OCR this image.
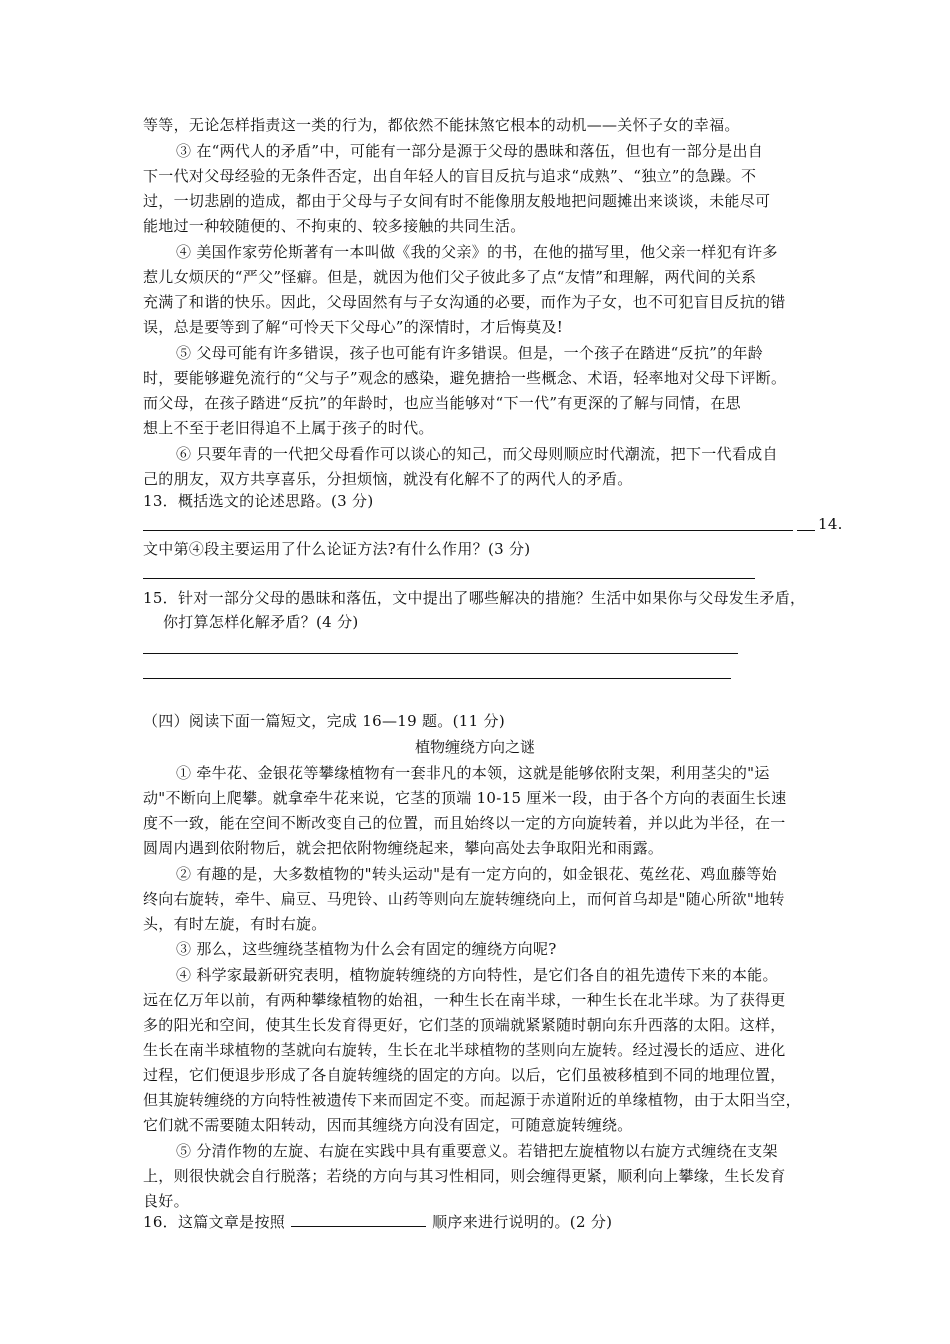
等等，无论怎样指责这一类的行为，都依然不能抹煞它根本的动机——关怀子女的幸福。
③ 在“两代人的矛盾”中，可能有一部分是源于父母的愚昧和落伍，但也有一部分是出自
下一代对父母经验的无条件否定，出自年轻人的盲目反抗与追求“成熟”、“独立”的急躁。不
过，一切悲剧的造成，都由于父母与子女间有时不能像朋友般地把问题摊出来谈谈，未能尽可
能地过一种较随便的、不拘束的、较多接触的共同生活。
④ 美国作家劳伦斯著有一本叫做《我的父亲》的书，在他的描写里，他父亲一样犯有许多
惹儿女烦厌的“严父”怪癖。但是，就因为他们父子彼此多了点“友情”和理解，两代间的关系
充满了和谐的快乐。因此，父母固然有与子女沟通的必要，而作为子女，也不可犯盲目反抗的错
误，总是要等到了解“可怜天下父母心”的深情时，才后悔莫及!
⑤ 父母可能有许多错误，孩子也可能有许多错误。但是，一个孩子在踏进“反抗”的年龄
时，要能够避免流行的“父与子”观念的感染，避免搪拾一些概念、术语，轻率地对父母下评断。
而父母，在孩子踏进“反抗”的年龄时，也应当能够对“下一代”有更深的了解与同情，在思
想上不至于老旧得追不上属于孩子的时代。
⑥ 只要年青的一代把父母看作可以谈心的知己，而父母则顺应时代潮流，把下一代看成自
己的朋友，双方共享喜乐，分担烦恼，就没有化解不了的两代人的矛盾。
13．概括选文的论述思路。(3 分)
14.
文中第④段主要运用了什么论证方法?有什么作用？(3 分)
15．针对一部分父母的愚昧和落伍，文中提出了哪些解决的措施？生活中如果你与父母发生矛盾，
你打算怎样化解矛盾？(4 分)
（四）阅读下面一篇短文，完成 16—19 题。(11 分)
植物缠绕方向之谜
① 牵牛花、金银花等攀缘植物有一套非凡的本领，这就是能够依附支架，利用茎尖的"运
动"不断向上爬攀。就拿牵牛花来说，它茎的顶端 10-15 厘米一段，由于各个方向的表面生长速
度不一致，能在空间不断改变自己的位置，而且始终以一定的方向旋转着，并以此为半径，在一
圆周内遇到依附物后，就会把依附物缠绕起来，攀向高处去争取阳光和雨露。
② 有趣的是，大多数植物的"转头运动"是有一定方向的，如金银花、菟丝花、鸡血藤等始
终向右旋转，牵牛、扁豆、马兜铃、山药等则向左旋转缠绕向上，而何首乌却是"随心所欲"地转
头，有时左旋，有时右旋。
③ 那么，这些缠绕茎植物为什么会有固定的缠绕方向呢?
④ 科学家最新研究表明，植物旋转缠绕的方向特性，是它们各自的祖先遗传下来的本能。
远在亿万年以前，有两种攀缘植物的始祖，一种生长在南半球，一种生长在北半球。为了获得更
多的阳光和空间，使其生长发育得更好，它们茎的顶端就紧紧随时朝向东升西落的太阳。这样，
生长在南半球植物的茎就向右旋转，生长在北半球植物的茎则向左旋转。经过漫长的适应、进化
过程，它们便退步形成了各自旋转缠绕的固定的方向。以后，它们虽被移植到不同的地理位置，
但其旋转缠绕的方向特性被遗传下来而固定不变。而起源于赤道附近的单缘植物，由于太阳当空，
它们就不需要随太阳转动，因而其缠绕方向没有固定，可随意旋转缠绕。
⑤ 分清作物的左旋、右旋在实践中具有重要意义。若错把左旋植物以右旋方式缠绕在支架
上，则很快就会自行脱落；若绕的方向与其习性相同，则会缠得更紧，顺利向上攀缘，生长发育
良好。
16．这篇文章是按照	顺序来进行说明的。(2 分)
